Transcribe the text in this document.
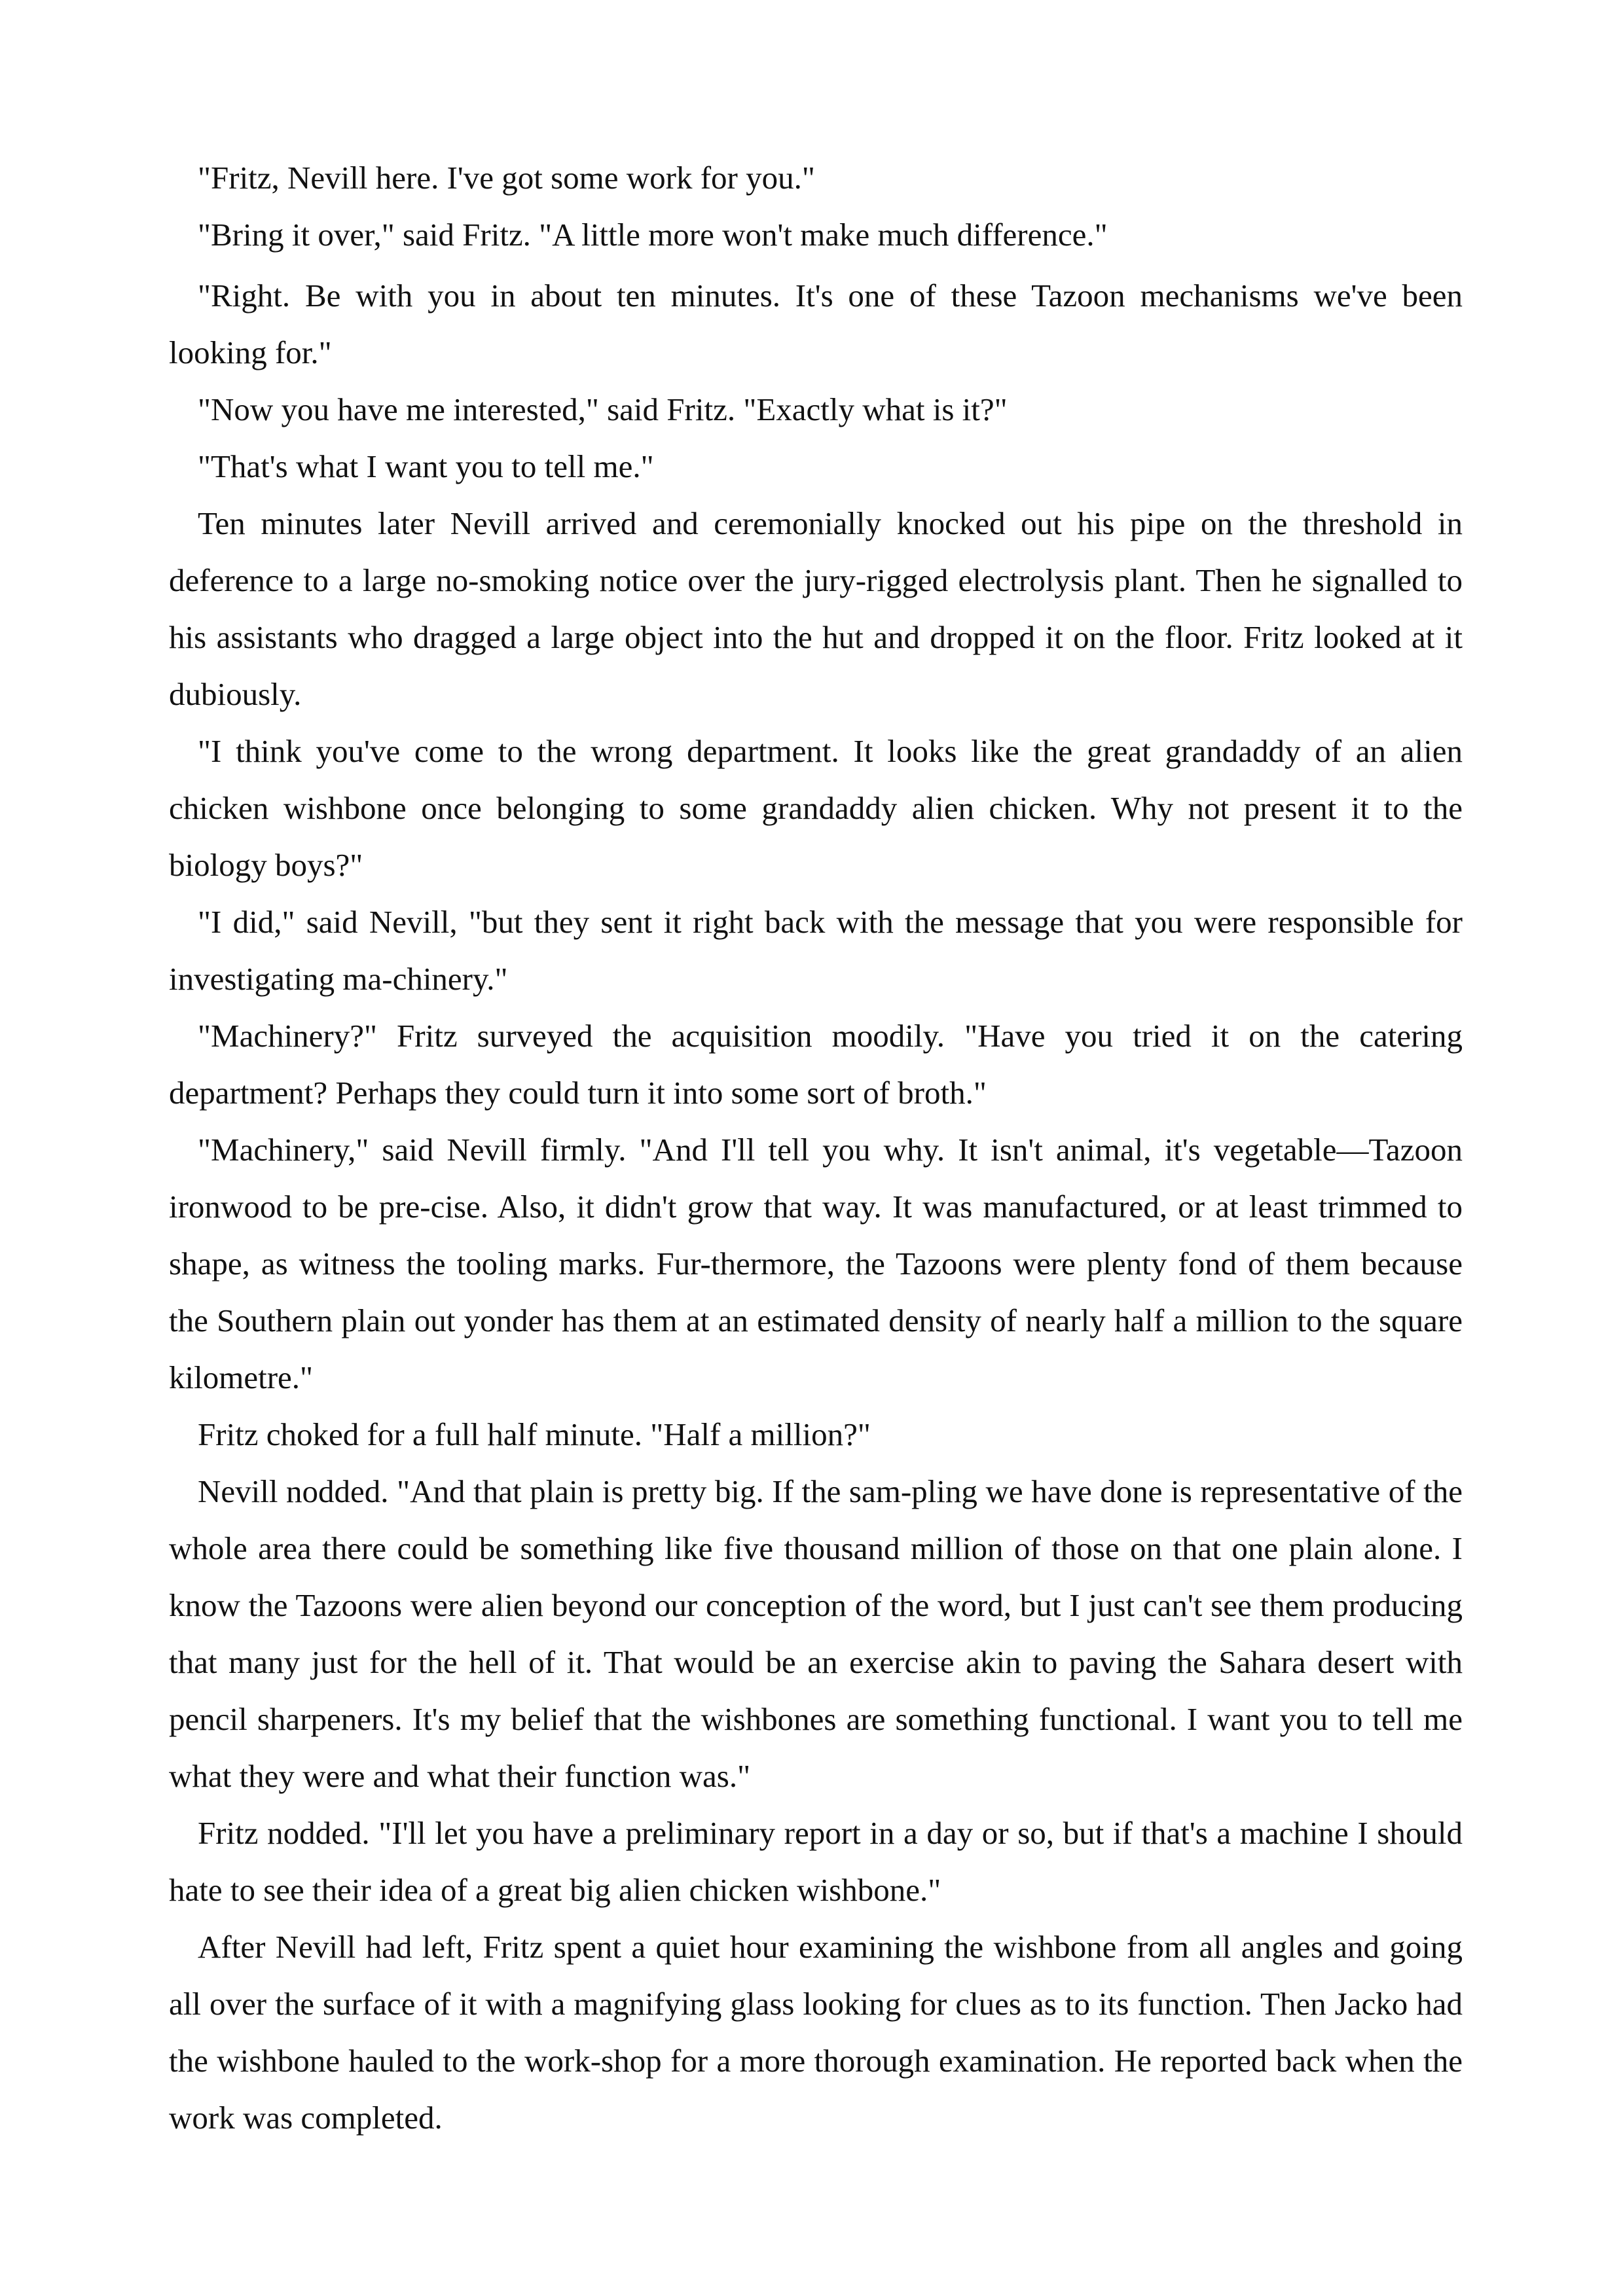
"Fritz, Nevill here. I've got some work for you."

"Bring it over," said Fritz. "A little more won't make much difference."

"Right. Be with you in about ten minutes. It's one of these Tazoon mechanisms we've been looking for."

"Now you have me interested," said Fritz. "Exactly what is it?"

"That's what I want you to tell me."

Ten minutes later Nevill arrived and ceremonially knocked out his pipe on the threshold in deference to a large no-smoking notice over the jury-rigged electrolysis plant. Then he signalled to his assistants who dragged a large object into the hut and dropped it on the floor. Fritz looked at it dubiously.

"I think you've come to the wrong department. It looks like the great grandaddy of an alien chicken wishbone once belonging to some grandaddy alien chicken. Why not present it to the biology boys?"

"I did," said Nevill, "but they sent it right back with the message that you were responsible for investigating ma-chinery."

"Machinery?" Fritz surveyed the acquisition moodily. "Have you tried it on the catering department? Perhaps they could turn it into some sort of broth."

"Machinery," said Nevill firmly. "And I'll tell you why. It isn't animal, it's vegetable—Tazoon ironwood to be pre-cise. Also, it didn't grow that way. It was manufactured, or at least trimmed to shape, as witness the tooling marks. Fur-thermore, the Tazoons were plenty fond of them because the Southern plain out yonder has them at an estimated density of nearly half a million to the square kilometre."

Fritz choked for a full half minute. "Half a million?"

Nevill nodded. "And that plain is pretty big. If the sam-pling we have done is representative of the whole area there could be something like five thousand million of those on that one plain alone. I know the Tazoons were alien beyond our conception of the word, but I just can't see them producing that many just for the hell of it. That would be an exercise akin to paving the Sahara desert with pencil sharpeners. It's my belief that the wishbones are something functional. I want you to tell me what they were and what their function was."

Fritz nodded. "I'll let you have a preliminary report in a day or so, but if that's a machine I should hate to see their idea of a great big alien chicken wishbone."

After Nevill had left, Fritz spent a quiet hour examining the wishbone from all angles and going all over the surface of it with a magnifying glass looking for clues as to its function. Then Jacko had the wishbone hauled to the work-shop for a more thorough examination. He reported back when the work was completed.
